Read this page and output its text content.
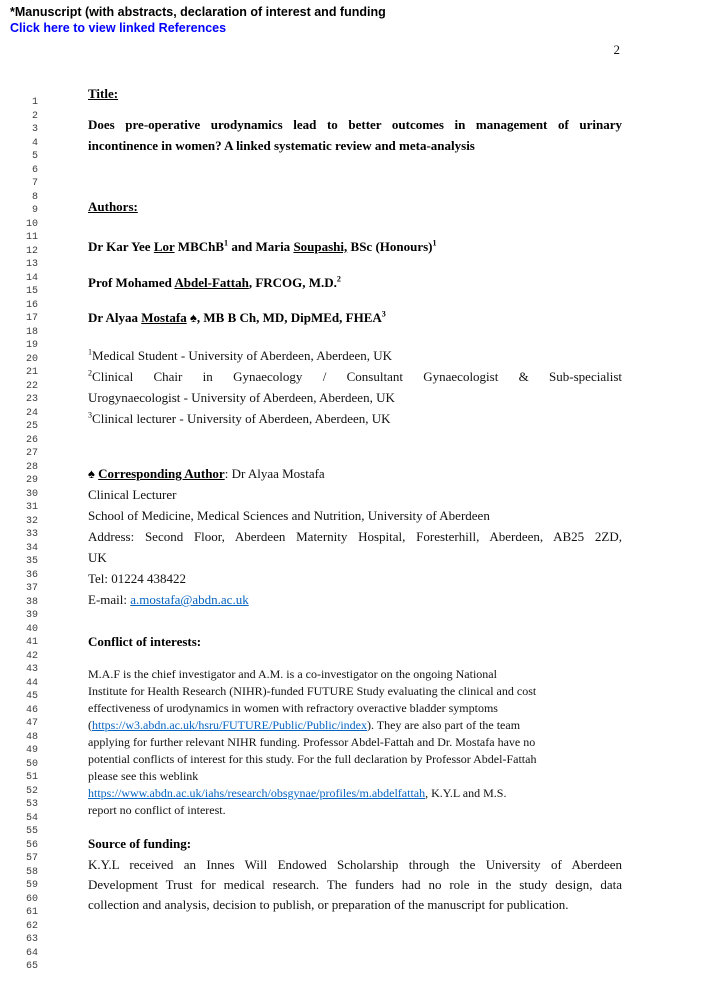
*Manuscript (with abstracts, declaration of interest and funding
Click here to view linked References
2
1
2
3
4
5
6
7
8
9
10
11
12
13
14
15
16
17
18
19
20
21
22
23
24
25
26
27
28
29
30
31
32
33
34
35
36
37
38
39
40
41
42
43
44
45
46
47
48
49
50
51
52
53
54
55
56
57
58
59
60
61
62
63
64
65
Title:
Does pre-operative urodynamics lead to better outcomes in management of urinary
incontinence in women? A linked systematic review and meta-analysis
Authors:
Dr Kar Yee Lor MBChB$^1$ and Maria Soupashi, BSc (Honours)$^1$
Prof Mohamed Abdel-Fattah, FRCOG, M.D.$^2$
Dr Alyaa Mostafa ♠, MB B Ch, MD, DipMEd, FHEA$^3$
$^1$Medical Student - University of Aberdeen, Aberdeen, UK
$^2$Clinical Chair in Gynaecology / Consultant Gynaecologist & Sub-specialist
Urogynaecologist - University of Aberdeen, Aberdeen, UK
$^3$Clinical lecturer - University of Aberdeen, Aberdeen, UK
♠ Corresponding Author: Dr Alyaa Mostafa
Clinical Lecturer
School of Medicine, Medical Sciences and Nutrition, University of Aberdeen
Address: Second Floor, Aberdeen Maternity Hospital, Foresterhill, Aberdeen, AB25 2ZD,
UK
Tel: 01224 438422
E-mail: a.mostafa@abdn.ac.uk
Conflict of interests:
M.A.F is the chief investigator and A.M. is a co-investigator on the ongoing National
Institute for Health Research (NIHR)-funded FUTURE Study evaluating the clinical and cost
effectiveness of urodynamics in women with refractory overactive bladder symptoms
(https://w3.abdn.ac.uk/hsru/FUTURE/Public/Public/index). They are also part of the team
applying for further relevant NIHR funding. Professor Abdel-Fattah and Dr. Mostafa have no
potential conflicts of interest for this study. For the full declaration by Professor Abdel-Fattah
please see this weblink
https://www.abdn.ac.uk/iahs/research/obsgynae/profiles/m.abdelfattah, K.Y.L and M.S.
report no conflict of interest.
Source of funding:
K.Y.L received an Innes Will Endowed Scholarship through the University of Aberdeen
Development Trust for medical research. The funders had no role in the study design, data
collection and analysis, decision to publish, or preparation of the manuscript for publication.
